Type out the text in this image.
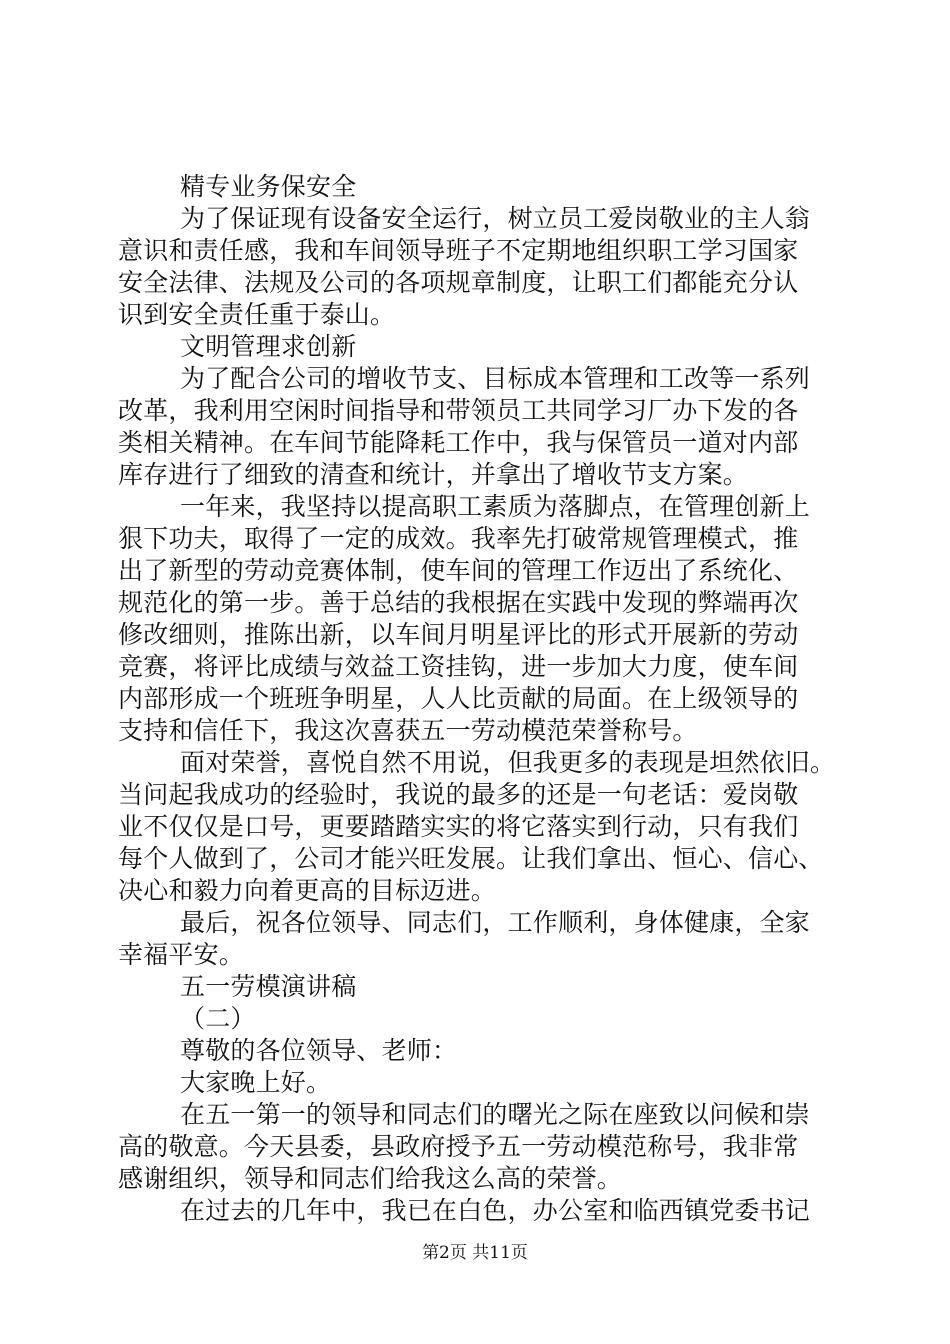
精专业务保安全
为了保证现有设备安全运行，树立员工爱岗敬业的主人翁
意识和责任感，我和车间领导班子不定期地组织职工学习国家
安全法律、法规及公司的各项规章制度，让职工们都能充分认
识到安全责任重于泰山。
文明管理求创新
为了配合公司的增收节支、目标成本管理和工改等一系列
改革，我利用空闲时间指导和带领员工共同学习厂办下发的各
类相关精神。在车间节能降耗工作中，我与保管员一道对内部
库存进行了细致的清查和统计，并拿出了增收节支方案。
一年来，我坚持以提高职工素质为落脚点，在管理创新上
狠下功夫，取得了一定的成效。我率先打破常规管理模式，推
出了新型的劳动竞赛体制，使车间的管理工作迈出了系统化、
规范化的第一步。善于总结的我根据在实践中发现的弊端再次
修改细则，推陈出新，以车间月明星评比的形式开展新的劳动
竞赛，将评比成绩与效益工资挂钩，进一步加大力度，使车间
内部形成一个班班争明星，人人比贡献的局面。在上级领导的
支持和信任下，我这次喜获五一劳动模范荣誉称号。
面对荣誉，喜悦自然不用说，但我更多的表现是坦然依旧。
当问起我成功的经验时，我说的最多的还是一句老话：爱岗敬
业不仅仅是口号，更要踏踏实实的将它落实到行动，只有我们
每个人做到了，公司才能兴旺发展。让我们拿出、恒心、信心、
决心和毅力向着更高的目标迈进。
最后，祝各位领导、同志们，工作顺利，身体健康，全家
幸福平安。
五一劳模演讲稿
（二）
尊敬的各位领导、老师：
大家晚上好。
在五一第一的领导和同志们的曙光之际在座致以问候和崇
高的敬意。今天县委，县政府授予五一劳动模范称号，我非常
感谢组织，领导和同志们给我这么高的荣誉。
在过去的几年中，我已在白色，办公室和临西镇党委书记
第2页 共11页
